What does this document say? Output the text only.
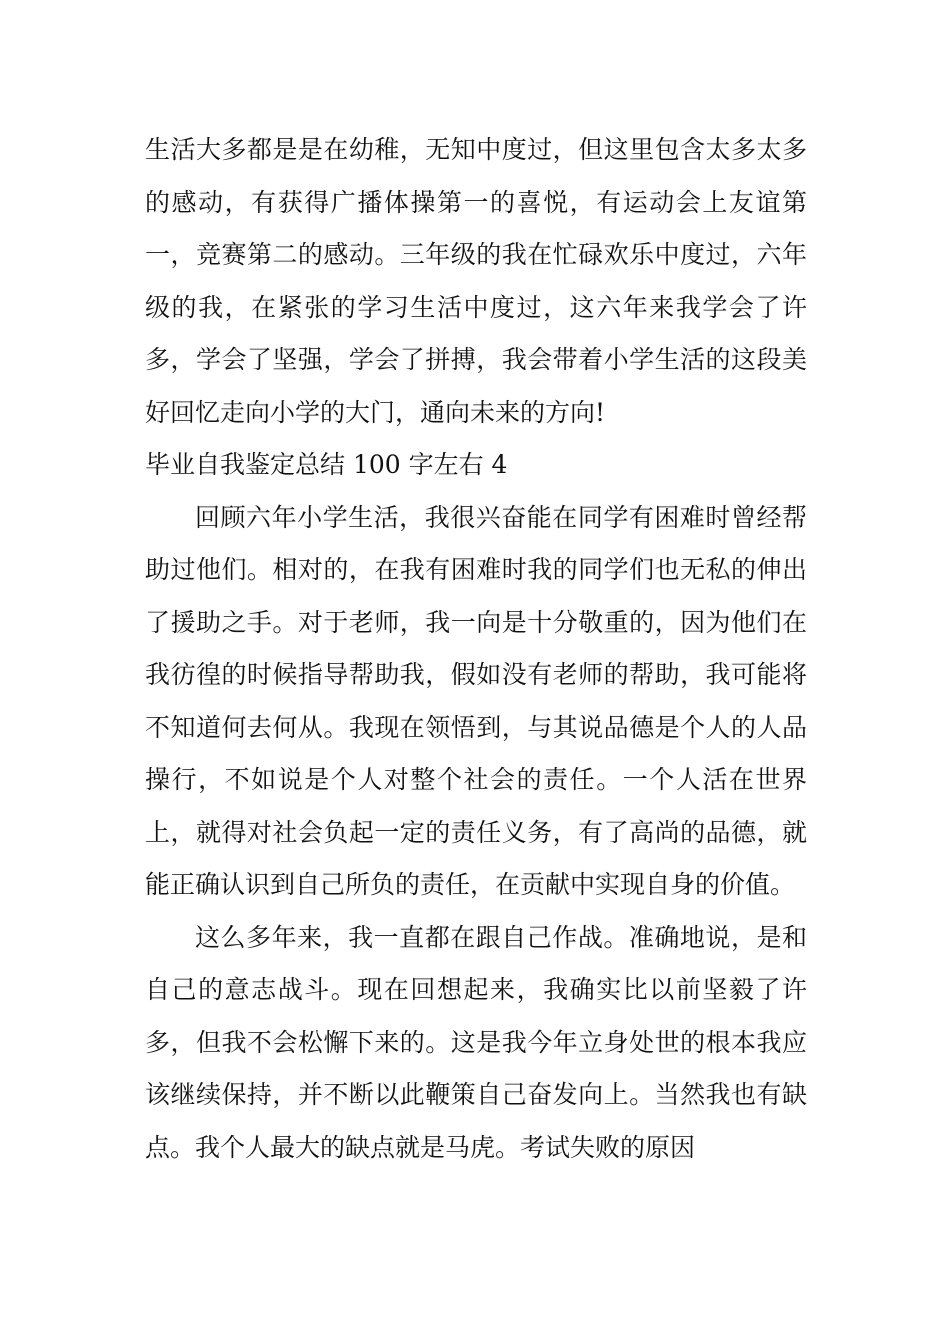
生活大多都是是在幼稚，无知中度过，但这里包含太多太多的感动，有获得广播体操第一的喜悦，有运动会上友谊第一，竞赛第二的感动。三年级的我在忙碌欢乐中度过，六年级的我，在紧张的学习生活中度过，这六年来我学会了许多，学会了坚强，学会了拼搏，我会带着小学生活的这段美好回忆走向小学的大门，通向未来的方向!

毕业自我鉴定总结 100 字左右 4

回顾六年小学生活，我很兴奋能在同学有困难时曾经帮助过他们。相对的，在我有困难时我的同学们也无私的伸出了援助之手。对于老师，我一向是十分敬重的，因为他们在我彷徨的时候指导帮助我，假如没有老师的帮助，我可能将不知道何去何从。我现在领悟到，与其说品德是个人的人品操行，不如说是个人对整个社会的责任。一个人活在世界上，就得对社会负起一定的责任义务，有了高尚的品德，就能正确认识到自己所负的责任，在贡献中实现自身的价值。

这么多年来，我一直都在跟自己作战。准确地说，是和自己的意志战斗。现在回想起来，我确实比以前坚毅了许多，但我不会松懈下来的。这是我今年立身处世的根本我应该继续保持，并不断以此鞭策自己奋发向上。当然我也有缺点。我个人最大的缺点就是马虎。考试失败的原因
